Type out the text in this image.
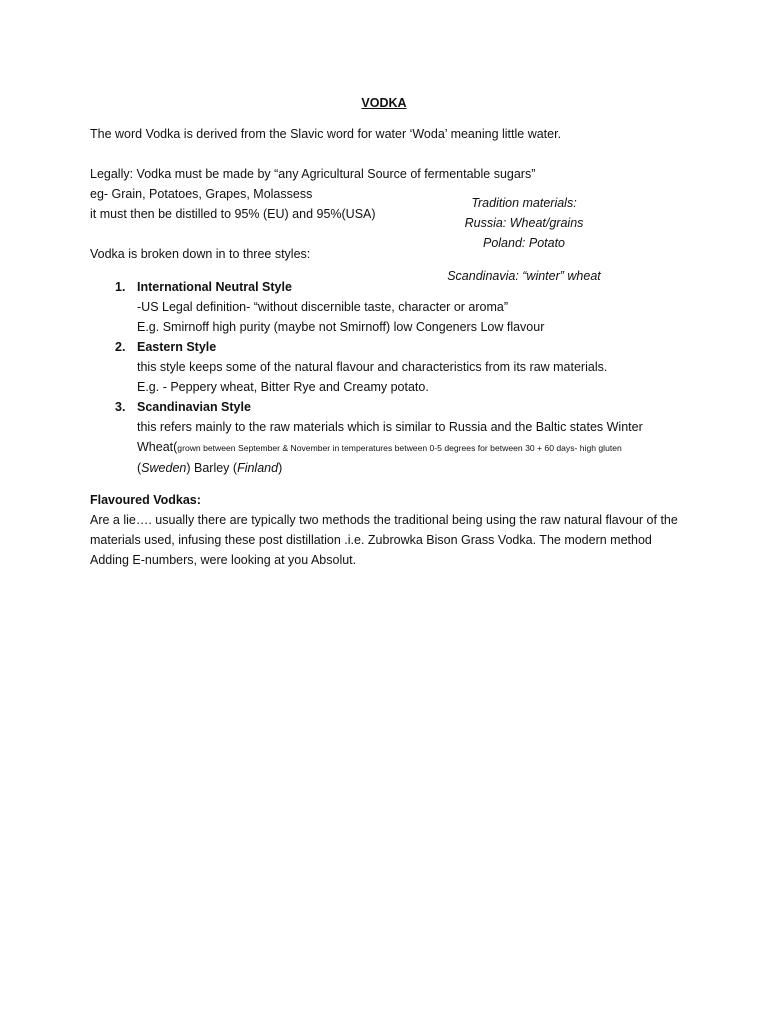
VODKA
The word Vodka is derived from the Slavic word for water ‘Woda’ meaning little water.
Legally: Vodka must be made by “any Agricultural Source of fermentable sugars”
eg- Grain, Potatoes, Grapes, Molassess
it must then be distilled to 95% (EU) and 95%(USA)
Tradition materials:
Russia: Wheat/grains
Poland: Potato
Scandinavia: “winter” wheat
Vodka is broken down in to three styles:
1. International Neutral Style
-US Legal definition- “without discernible taste, character or aroma”
E.g. Smirnoff high purity (maybe not Smirnoff) low Congeners Low flavour
2. Eastern Style
this style keeps some of the natural flavour and characteristics from its raw materials.
E.g. - Peppery wheat, Bitter Rye and Creamy potato.
3. Scandinavian Style
this refers mainly to the raw materials which is similar to Russia and the Baltic states Winter
Wheat(grown between September & November in temperatures between 0-5 degrees for between 30 + 60 days- high gluten
(Sweden) Barley (Finland)
Flavoured Vodkas:
Are a lie…. usually there are typically two methods the traditional being using the raw natural flavour of the materials used, infusing these post distillation .i.e. Zubrowka Bison Grass Vodka. The modern method Adding E-numbers, were looking at you Absolut.
